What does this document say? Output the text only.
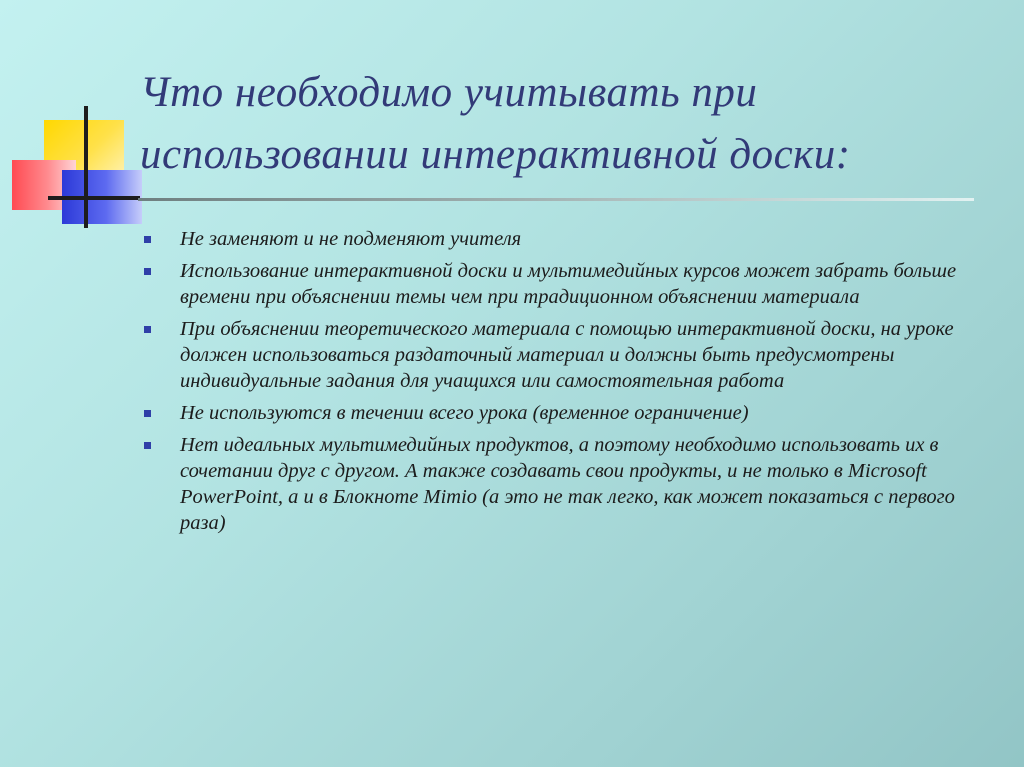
Что необходимо учитывать при использовании интерактивной доски:
Не заменяют и не подменяют учителя
Использование интерактивной доски и мультимедийных курсов может забрать больше времени при объяснении темы чем при традиционном объяснении материала
При объяснении теоретического материала с помощью интерактивной доски, на уроке должен использоваться раздаточный материал и должны быть предусмотрены индивидуальные задания для учащихся или самостоятельная работа
Не используются в течении всего урока (временное ограничение)
Нет идеальных мультимедийных продуктов, а поэтому необходимо использовать их в сочетании друг с другом. А также создавать свои продукты, и не только в Microsoft PowerPoint, а и в Блокноте Mimio (а это не так легко, как может показаться с первого раза)
